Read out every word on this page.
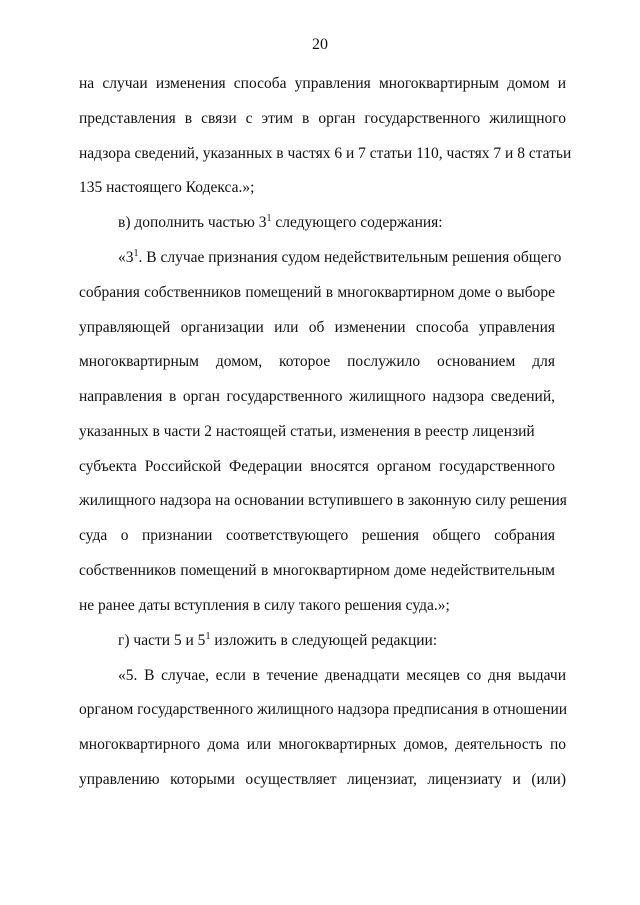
20
на случаи изменения способа управления многоквартирным домом и
представления в связи с этим в орган государственного жилищного
надзора сведений, указанных в частях 6 и 7 статьи 110, частях 7 и 8 статьи
135 настоящего Кодекса.»;
в) дополнить частью $3^1$ следующего содержания:
«$3^1$. В случае признания судом недействительным решения общего
собрания собственников помещений в многоквартирном доме о выборе
управляющей организации или об изменении способа управления
многоквартирным домом, которое послужило основанием для
направления в орган государственного жилищного надзора сведений,
указанных в части 2 настоящей статьи, изменения в реестр лицензий
субъекта Российской Федерации вносятся органом государственного
жилищного надзора на основании вступившего в законную силу решения
суда о признании соответствующего решения общего собрания
собственников помещений в многоквартирном доме недействительным
не ранее даты вступления в силу такого решения суда.»;
г) части 5 и $5^1$ изложить в следующей редакции:
«5. В случае, если в течение двенадцати месяцев со дня выдачи
органом государственного жилищного надзора предписания в отношении
многоквартирного дома или многоквартирных домов, деятельность по
управлению которыми осуществляет лицензиат, лицензиату и (или)
